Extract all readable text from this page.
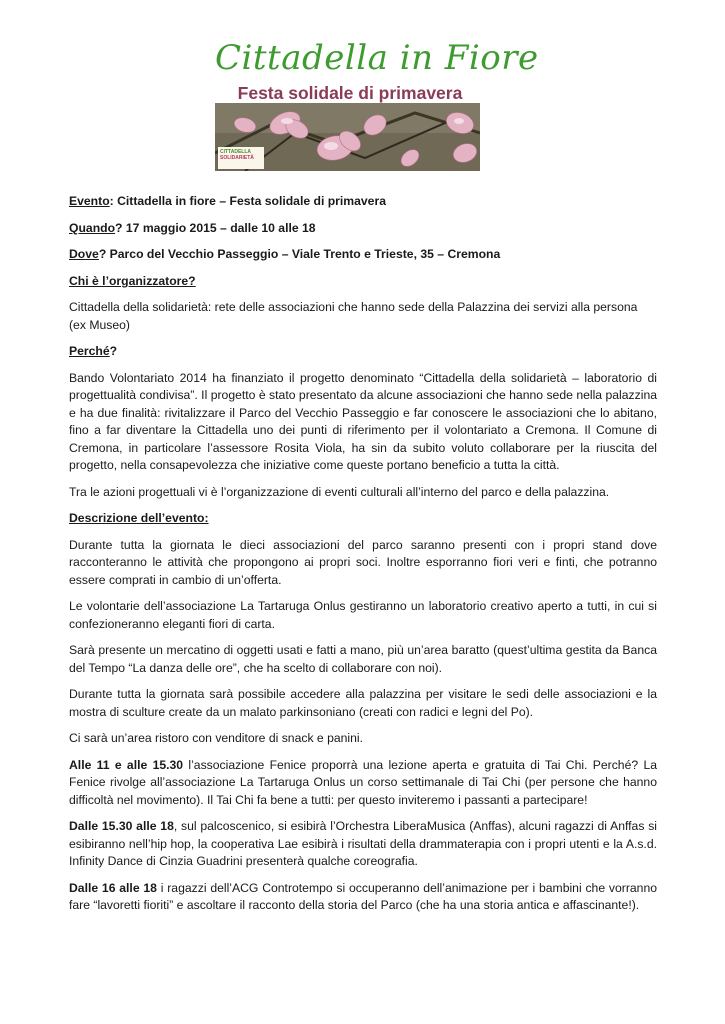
Cittadella in Fiore
Festa solidale di primavera
CITTADELLA
SOLIDARIETÀ

Evento: Cittadella in fiore – Festa solidale di primavera

Quando? 17 maggio 2015 – dalle 10 alle 18

Dove? Parco del Vecchio Passeggio – Viale Trento e Trieste, 35 – Cremona

Chi è l’organizzatore?

Cittadella della solidarietà: rete delle associazioni che hanno sede della Palazzina dei servizi alla persona (ex Museo)

Perché?

Bando Volontariato 2014 ha finanziato il progetto denominato “Cittadella della solidarietà – laboratorio di progettualità condivisa”. Il progetto è stato presentato da alcune associazioni che hanno sede nella palazzina e ha due finalità: rivitalizzare il Parco del Vecchio Passeggio e far conoscere le associazioni che lo abitano, fino a far diventare la Cittadella uno dei punti di riferimento per il volontariato a Cremona. Il Comune di Cremona, in particolare l’assessore Rosita Viola, ha sin da subito voluto collaborare per la riuscita del progetto, nella consapevolezza che iniziative come queste portano beneficio a tutta la città.

Tra le azioni progettuali vi è l’organizzazione di eventi culturali all’interno del parco e della palazzina.

Descrizione dell’evento:

Durante tutta la giornata le dieci associazioni del parco saranno presenti con i propri stand dove racconteranno le attività che propongono ai propri soci. Inoltre esporranno fiori veri e finti, che potranno essere comprati in cambio di un’offerta.

Le volontarie dell’associazione La Tartaruga Onlus gestiranno un laboratorio creativo aperto a tutti, in cui si confezioneranno eleganti fiori di carta.

Sarà presente un mercatino di oggetti usati e fatti a mano, più un’area baratto (quest’ultima gestita da Banca del Tempo “La danza delle ore”, che ha scelto di collaborare con noi).

Durante tutta la giornata sarà possibile accedere alla palazzina per visitare le sedi delle associazioni e la mostra di sculture create da un malato parkinsoniano (creati con radici e legni del Po).

Ci sarà un’area ristoro con venditore di snack e panini.

Alle 11 e alle 15.30 l’associazione Fenice proporrà una lezione aperta e gratuita di Tai Chi. Perché? La Fenice rivolge all’associazione La Tartaruga Onlus un corso settimanale di Tai Chi (per persone che hanno difficoltà nel movimento). Il Tai Chi fa bene a tutti: per questo inviteremo i passanti a partecipare!

Dalle 15.30 alle 18, sul palcoscenico, si esibirà l’Orchestra LiberaMusica (Anffas), alcuni ragazzi di Anffas si esibiranno nell’hip hop, la cooperativa Lae esibirà i risultati della drammaterapia con i propri utenti e la A.s.d. Infinity Dance di Cinzia Guadrini presenterà qualche coreografia.

Dalle 16 alle 18 i ragazzi dell’ACG Controtempo si occuperanno dell’animazione per i bambini che vorranno fare “lavoretti fioriti” e ascoltare il racconto della storia del Parco (che ha una storia antica e affascinante!).
